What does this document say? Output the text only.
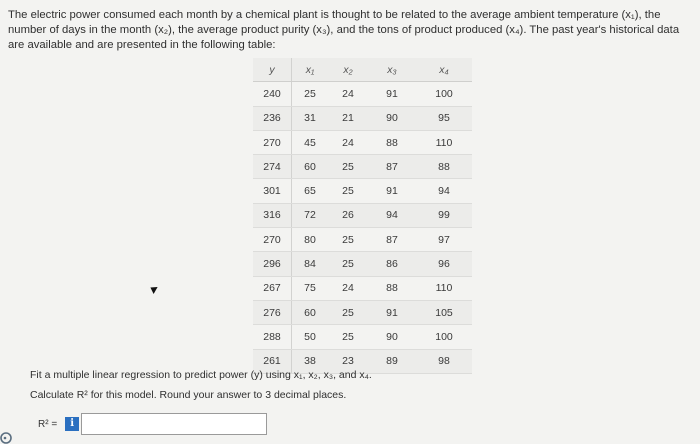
The electric power consumed each month by a chemical plant is thought to be related to the average ambient temperature (x₁), the number of days in the month (x₂), the average product purity (x₃), and the tons of product produced (x₄). The past year's historical data are available and are presented in the following table:
y	x₁	x₂	x₃	x₄
240	25	24	91	100
236	31	21	90	95
270	45	24	88	110
274	60	25	87	88
301	65	25	91	94
316	72	26	94	99
270	80	25	87	97
296	84	25	86	96
267	75	24	88	110
276	60	25	91	105
288	50	25	90	100
261	38	23	89	98
Fit a multiple linear regression to predict power (y) using x₁, x₂, x₃, and x₄.
Calculate R² for this model. Round your answer to 3 decimal places.
R² =	i
